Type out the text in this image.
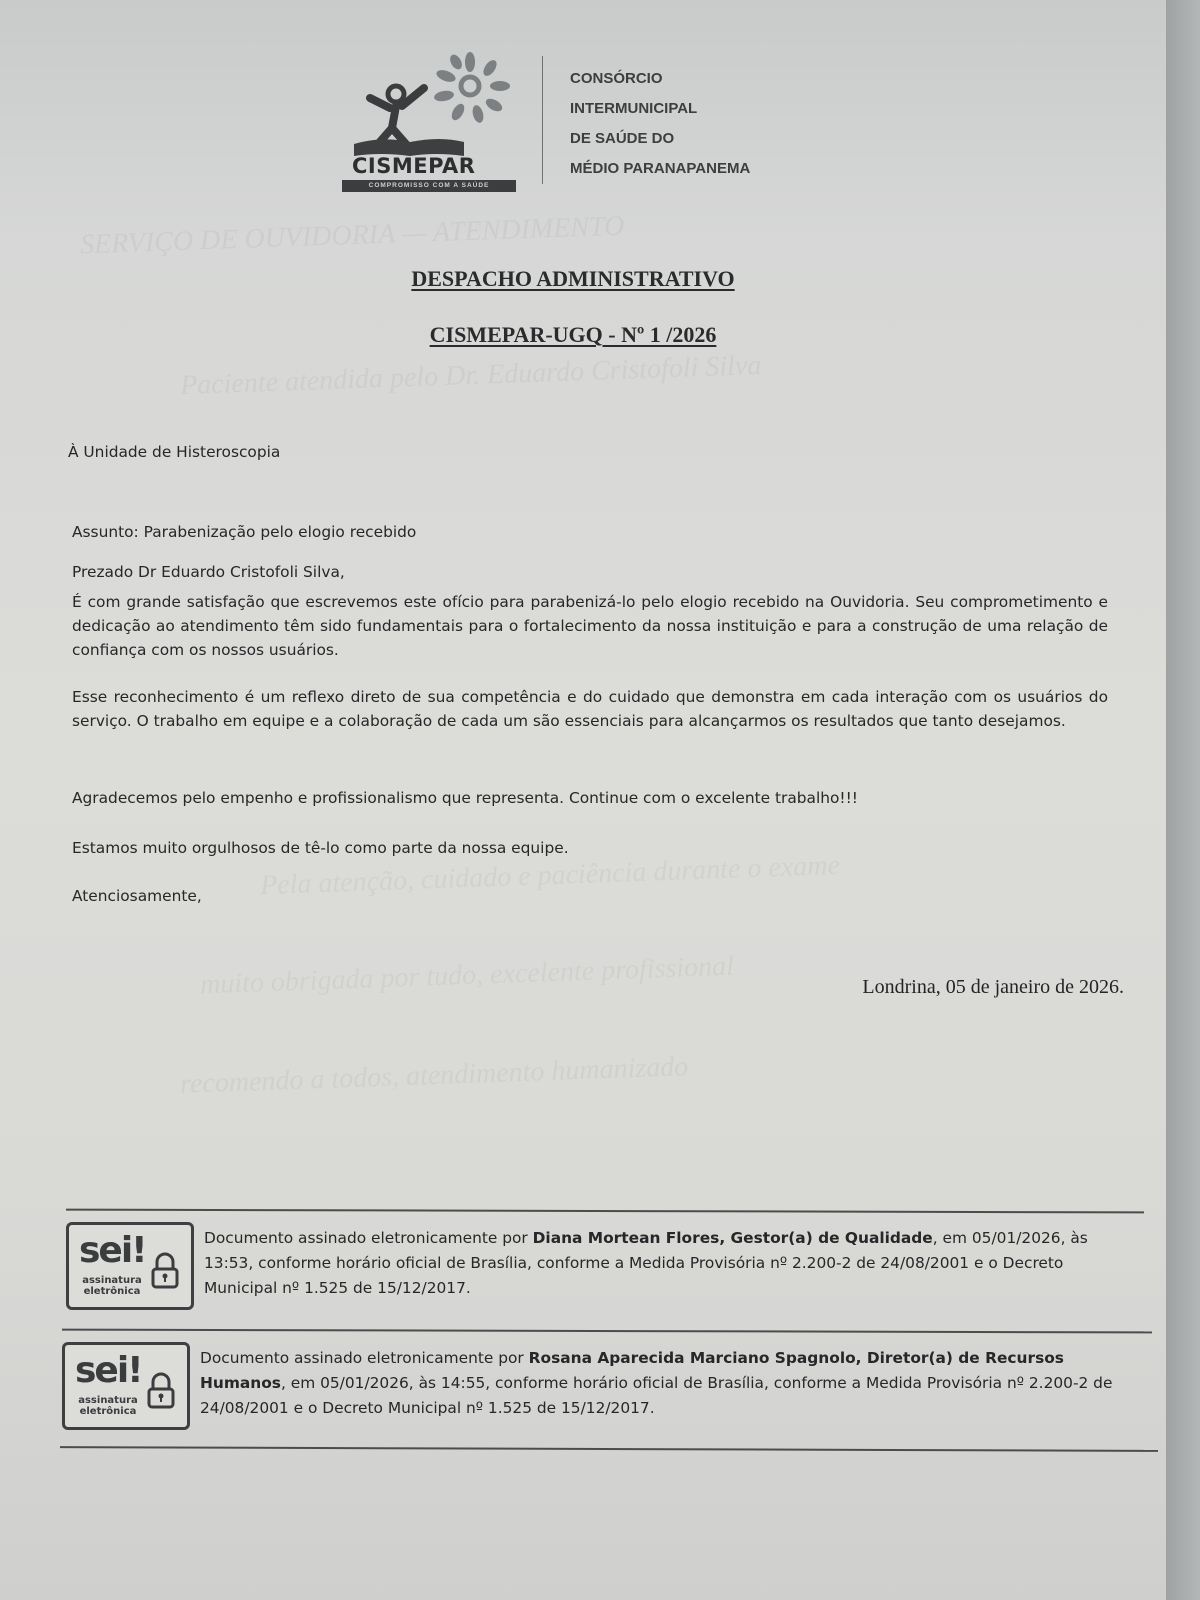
SERVIÇO DE OUVIDORIA — ATENDIMENTO
Paciente atendida pelo Dr. Eduardo Cristofoli Silva
Pela atenção, cuidado e paciência durante o exame
muito obrigada por tudo, excelente profissional
recomendo a todos, atendimento humanizado
CISMEPAR
COMPROMISSO COM A SAÚDE
CONSÓRCIO
INTERMUNICIPAL
DE SAÚDE DO
MÉDIO PARANAPANEMA
DESPACHO ADMINISTRATIVO
CISMEPAR-UGQ - Nº 1 /2026
À Unidade de Histeroscopia
Assunto: Parabenização pelo elogio recebido
Prezado Dr Eduardo Cristofoli Silva,
É com grande satisfação que escrevemos este ofício para parabenizá-lo pelo elogio recebido na Ouvidoria. Seu comprometimento e dedicação ao atendimento têm sido fundamentais para o fortalecimento da nossa instituição e para a construção de uma relação de confiança com os nossos usuários.
Esse reconhecimento é um reflexo direto de sua competência e do cuidado que demonstra em cada interação com os usuários do serviço. O trabalho em equipe e a colaboração de cada um são essenciais para alcançarmos os resultados que tanto desejamos.
Agradecemos pelo empenho e profissionalismo que representa. Continue com o excelente trabalho!!!
Estamos muito orgulhosos de tê-lo como parte da nossa equipe.
Atenciosamente,
Londrina, 05 de janeiro de 2026.
sei!
assinatura
eletrônica
Documento assinado eletronicamente por Diana Mortean Flores, Gestor(a) de Qualidade, em 05/01/2026, às 13:53, conforme horário oficial de Brasília, conforme a Medida Provisória nº 2.200-2 de 24/08/2001 e o Decreto Municipal nº 1.525 de 15/12/2017.
sei!
assinatura
eletrônica
Documento assinado eletronicamente por Rosana Aparecida Marciano Spagnolo, Diretor(a) de Recursos Humanos, em 05/01/2026, às 14:55, conforme horário oficial de Brasília, conforme a Medida Provisória nº 2.200-2 de 24/08/2001 e o Decreto Municipal nº 1.525 de 15/12/2017.
